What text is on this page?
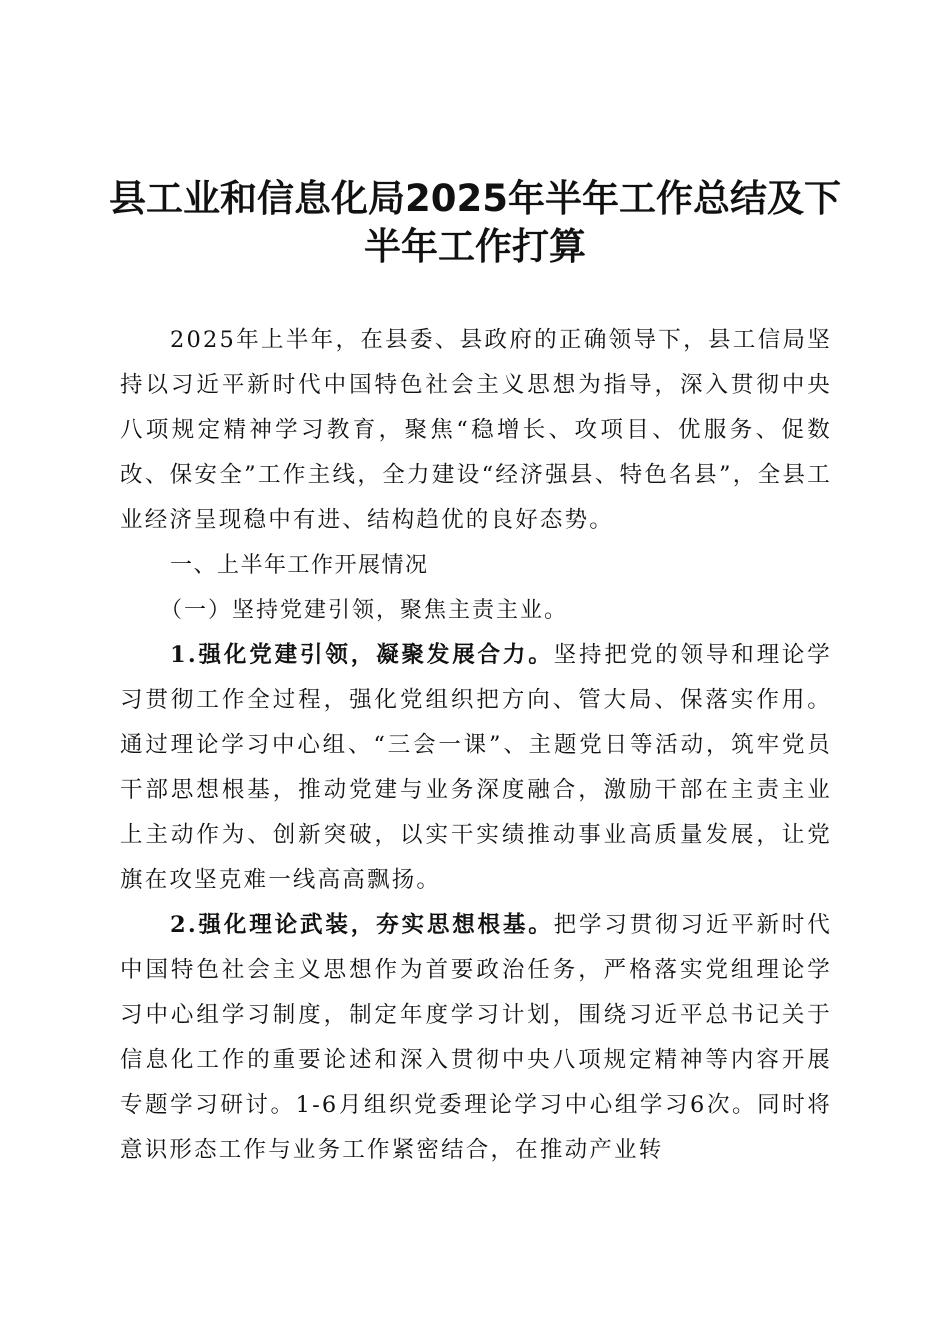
县工业和信息化局2025年半年工作总结及下
半年工作打算

2025年上半年，在县委、县政府的正确领导下，县工信局坚持以习近平新时代中国特色社会主义思想为指导，深入贯彻中央八项规定精神学习教育，聚焦“稳增长、攻项目、优服务、促数改、保安全”工作主线，全力建设“经济强县、特色名县”，全县工业经济呈现稳中有进、结构趋优的良好态势。

一、上半年工作开展情况

（一）坚持党建引领，聚焦主责主业。

1.强化党建引领，凝聚发展合力。坚持把党的领导和理论学习贯彻工作全过程，强化党组织把方向、管大局、保落实作用。通过理论学习中心组、“三会一课”、主题党日等活动，筑牢党员干部思想根基，推动党建与业务深度融合，激励干部在主责主业上主动作为、创新突破，以实干实绩推动事业高质量发展，让党旗在攻坚克难一线高高飘扬。

2.强化理论武装，夯实思想根基。把学习贯彻习近平新时代中国特色社会主义思想作为首要政治任务，严格落实党组理论学习中心组学习制度，制定年度学习计划，围绕习近平总书记关于信息化工作的重要论述和深入贯彻中央八项规定精神等内容开展专题学习研讨。1-6月组织党委理论学习中心组学习6次。同时将意识形态工作与业务工作紧密结合，在推动产业转
